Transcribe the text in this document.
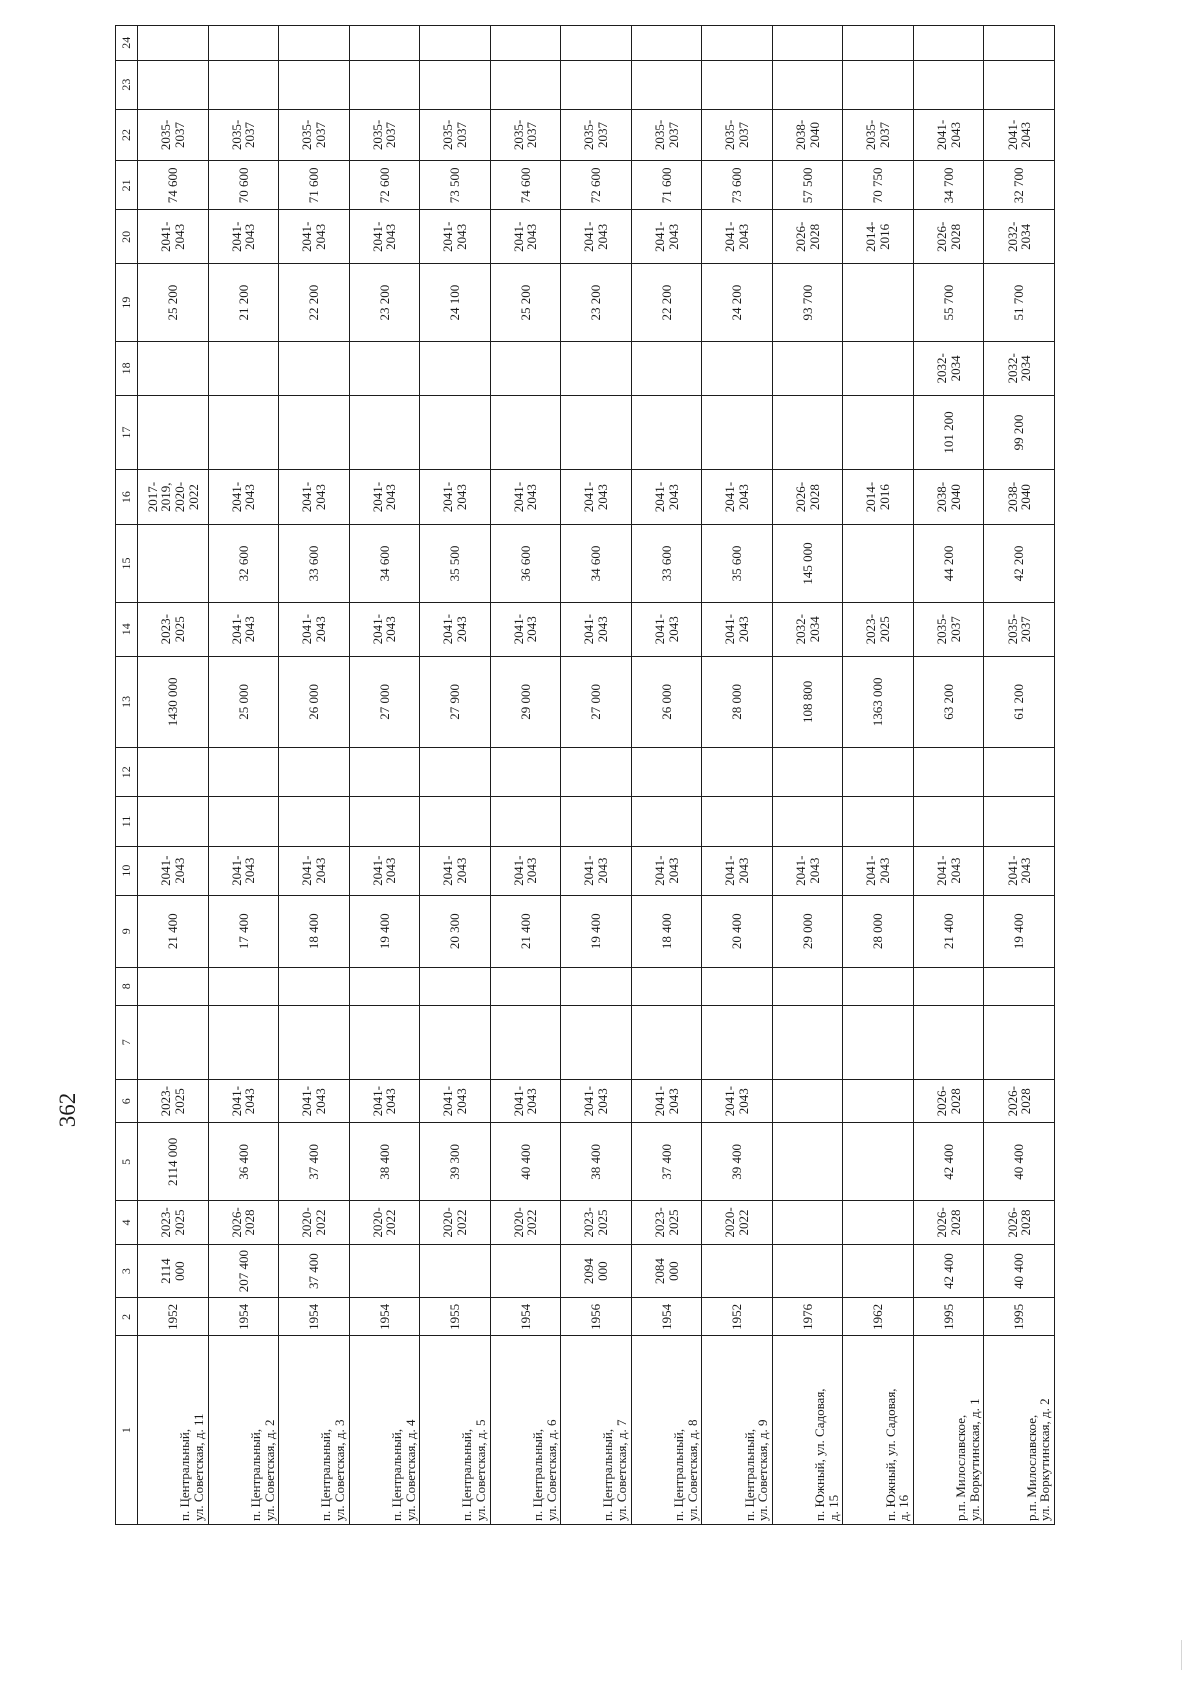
362
1	2	3	4	5	6	7	8	9	10	11	12	13	14	15	16	17	18	19	20	21	22	23	24
п. Центральный,
ул. Советская, д. 11	1952	2114
000	2023-
2025	2114 000	2023-
2025			21 400	2041-
2043			1430 000	2023-
2025		2017-
2019,
2020-
2022			25 200	2041-
2043	74 600	2035-
2037		
п. Центральный,
ул. Советская, д. 2	1954	207 400	2026-
2028	36 400	2041-
2043			17 400	2041-
2043			25 000	2041-
2043	32 600	2041-
2043			21 200	2041-
2043	70 600	2035-
2037		
п. Центральный,
ул. Советская, д. 3	1954	37 400	2020-
2022	37 400	2041-
2043			18 400	2041-
2043			26 000	2041-
2043	33 600	2041-
2043			22 200	2041-
2043	71 600	2035-
2037		
п. Центральный,
ул. Советская, д. 4	1954		2020-
2022	38 400	2041-
2043			19 400	2041-
2043			27 000	2041-
2043	34 600	2041-
2043			23 200	2041-
2043	72 600	2035-
2037		
п. Центральный,
ул. Советская, д. 5	1955		2020-
2022	39 300	2041-
2043			20 300	2041-
2043			27 900	2041-
2043	35 500	2041-
2043			24 100	2041-
2043	73 500	2035-
2037		
п. Центральный,
ул. Советская, д. 6	1954		2020-
2022	40 400	2041-
2043			21 400	2041-
2043			29 000	2041-
2043	36 600	2041-
2043			25 200	2041-
2043	74 600	2035-
2037		
п. Центральный,
ул. Советская, д. 7	1956	2094
000	2023-
2025	38 400	2041-
2043			19 400	2041-
2043			27 000	2041-
2043	34 600	2041-
2043			23 200	2041-
2043	72 600	2035-
2037		
п. Центральный,
ул. Советская, д. 8	1954	2084
000	2023-
2025	37 400	2041-
2043			18 400	2041-
2043			26 000	2041-
2043	33 600	2041-
2043			22 200	2041-
2043	71 600	2035-
2037		
п. Центральный,
ул. Советская, д. 9	1952		2020-
2022	39 400	2041-
2043			20 400	2041-
2043			28 000	2041-
2043	35 600	2041-
2043			24 200	2041-
2043	73 600	2035-
2037		
п. Южный, ул. Садовая,
д. 15	1976							29 000	2041-
2043			108 800	2032-
2034	145 000	2026-
2028			93 700	2026-
2028	57 500	2038-
2040		
п. Южный, ул. Садовая,
д. 16	1962							28 000	2041-
2043			1363 000	2023-
2025		2014-
2016				2014-
2016	70 750	2035-
2037		
р.п. Милославское,
ул. Воркутинская, д. 1	1995	42 400	2026-
2028	42 400	2026-
2028			21 400	2041-
2043			63 200	2035-
2037	44 200	2038-
2040	101 200	2032-
2034	55 700	2026-
2028	34 700	2041-
2043		
р.п. Милославское,
ул. Воркутинская, д. 2	1995	40 400	2026-
2028	40 400	2026-
2028			19 400	2041-
2043			61 200	2035-
2037	42 200	2038-
2040	99 200	2032-
2034	51 700	2032-
2034	32 700	2041-
2043		
